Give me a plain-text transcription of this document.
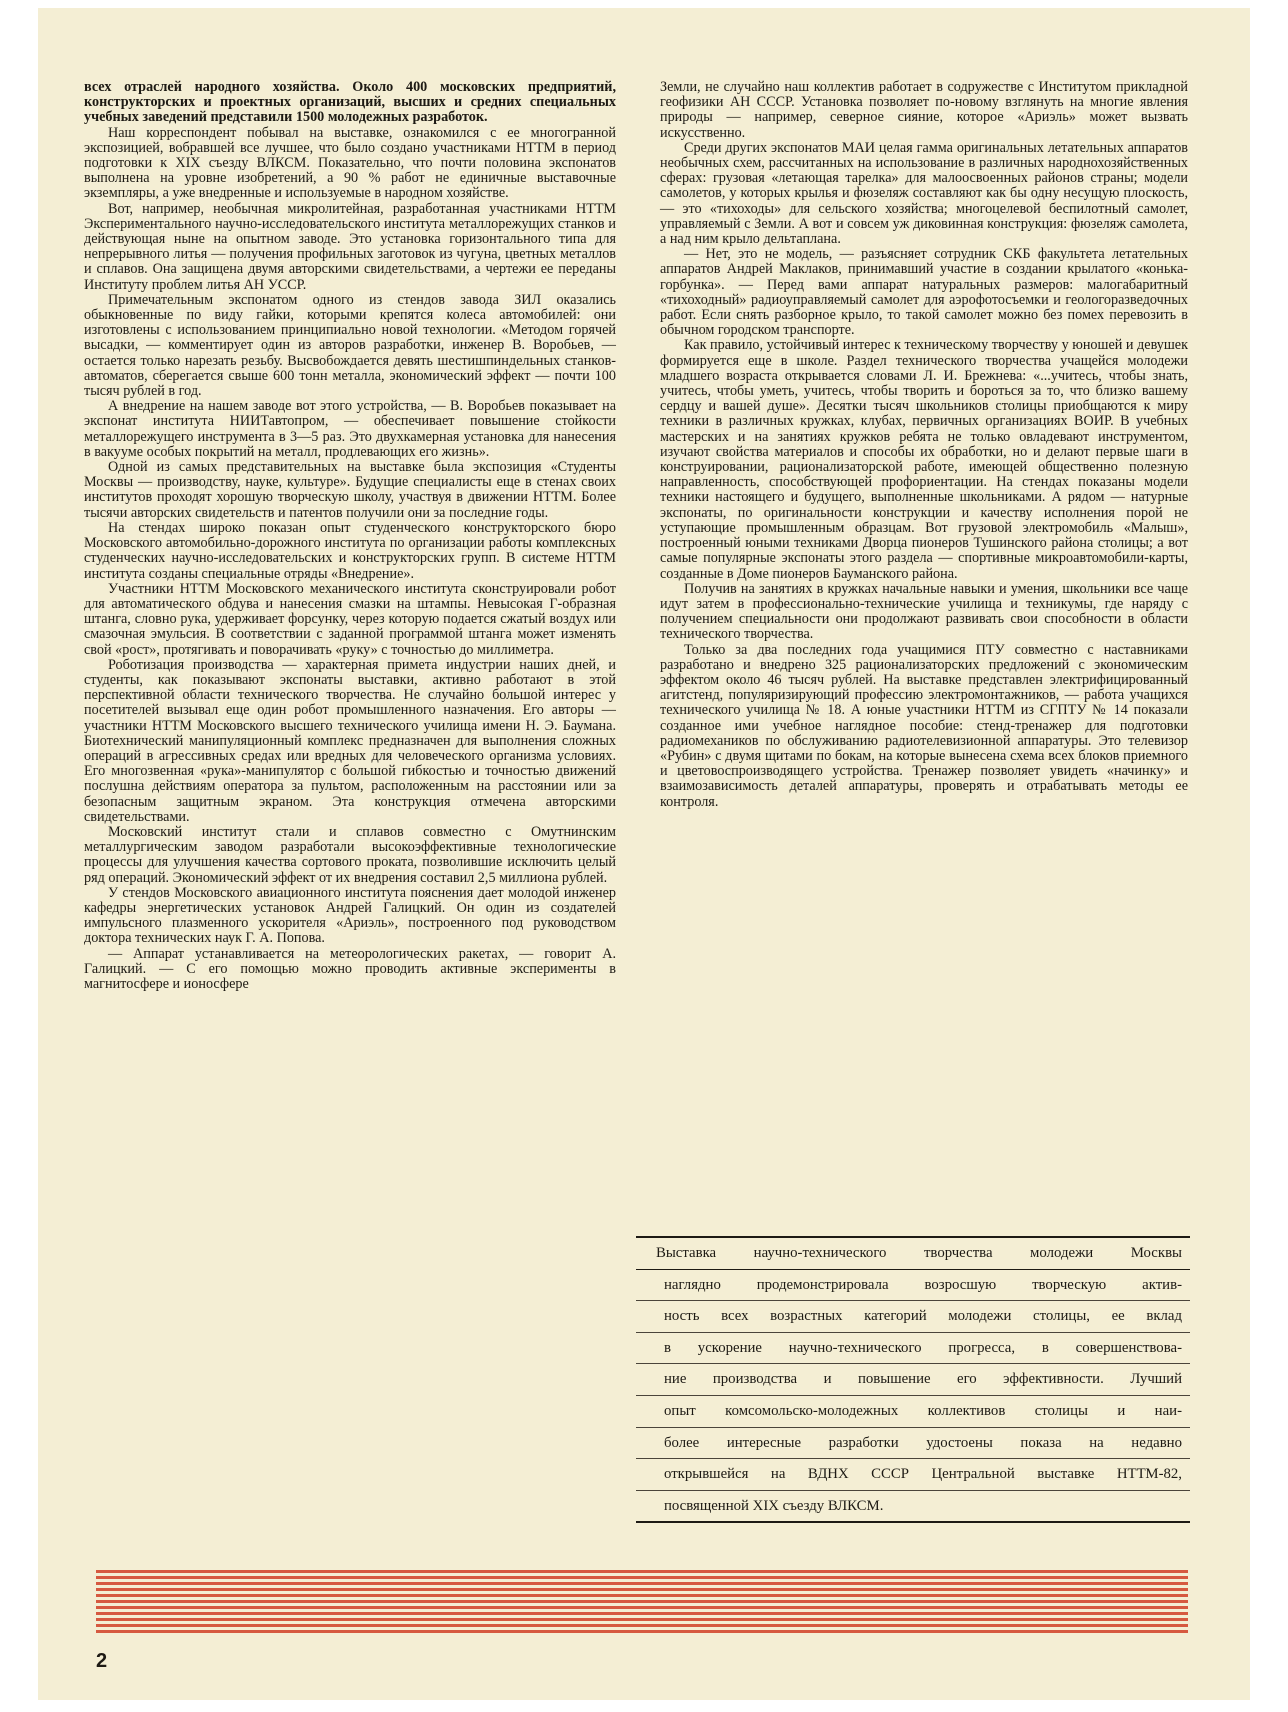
всех отраслей народного хозяйства. Около 400 московских предприятий, конструкторских и проектных организаций, высших и средних специальных учебных заведений представили 1500 молодежных разработок.

Наш корреспондент побывал на выставке, ознакомился с ее многогранной экспозицией, вобравшей все лучшее, что было создано участниками НТТМ в период подготовки к XIX съезду ВЛКСМ. Показательно, что почти половина экспонатов выполнена на уровне изобретений, а 90 % работ не единичные выставочные экземпляры, а уже внедренные и используемые в народном хозяйстве.

Вот, например, необычная микролитейная, разработанная участниками НТТМ Экспериментального научно-исследовательского института металлорежущих станков и действующая ныне на опытном заводе. Это установка горизонтального типа для непрерывного литья — получения профильных заготовок из чугуна, цветных металлов и сплавов. Она защищена двумя авторскими свидетельствами, а чертежи ее переданы Институту проблем литья АН УССР.

Примечательным экспонатом одного из стендов завода ЗИЛ оказались обыкновенные по виду гайки, которыми крепятся колеса автомобилей: они изготовлены с использованием принципиально новой технологии. «Методом горячей высадки, — комментирует один из авторов разработки, инженер В. Воробьев, — остается только нарезать резьбу. Высвобождается девять шестишпиндельных станков-автоматов, сберегается свыше 600 тонн металла, экономический эффект — почти 100 тысяч рублей в год.

А внедрение на нашем заводе вот этого устройства, — В. Воробьев показывает на экспонат института НИИТавтопром, — обеспечивает повышение стойкости металлорежущего инструмента в 3—5 раз. Это двухкамерная установка для нанесения в вакууме особых покрытий на металл, продлевающих его жизнь».

Одной из самых представительных на выставке была экспозиция «Студенты Москвы — производству, науке, культуре». Будущие специалисты еще в стенах своих институтов проходят хорошую творческую школу, участвуя в движении НТТМ. Более тысячи авторских свидетельств и патентов получили они за последние годы.

На стендах широко показан опыт студенческого конструкторского бюро Московского автомобильно-дорожного института по организации работы комплексных студенческих научно-исследовательских и конструкторских групп. В системе НТТМ института созданы специальные отряды «Внедрение».

Участники НТТМ Московского механического института сконструировали робот для автоматического обдува и нанесения смазки на штампы. Невысокая Г-образная штанга, словно рука, удерживает форсунку, через которую подается сжатый воздух или смазочная эмульсия. В соответствии с заданной программой штанга может изменять свой «рост», протягивать и поворачивать «руку» с точностью до миллиметра.

Роботизация производства — характерная примета индустрии наших дней, и студенты, как показывают экспонаты выставки, активно работают в этой перспективной области технического творчества. Не случайно большой интерес у посетителей вызывал еще один робот промышленного назначения. Его авторы — участники НТТМ Московского высшего технического училища имени Н. Э. Баумана. Биотехнический манипуляционный комплекс предназначен для выполнения сложных операций в агрессивных средах или вредных для человеческого организма условиях. Его многозвенная «рука»-манипулятор с большой гибкостью и точностью движений послушна действиям оператора за пультом, расположенным на расстоянии или за безопасным защитным экраном. Эта конструкция отмечена авторскими свидетельствами.

Московский институт стали и сплавов совместно с Омутнинским металлургическим заводом разработали высокоэффективные технологические процессы для улучшения качества сортового проката, позволившие исключить целый ряд операций. Экономический эффект от их внедрения составил 2,5 миллиона рублей.

У стендов Московского авиационного института пояснения дает молодой инженер кафедры энергетических установок Андрей Галицкий. Он один из создателей импульсного плазменного ускорителя «Ариэль», построенного под руководством доктора технических наук Г. А. Попова.

— Аппарат устанавливается на метеорологических ракетах, — говорит А. Галицкий. — С его помощью можно проводить активные эксперименты в магнитосфере и ионосфере

Земли, не случайно наш коллектив работает в содружестве с Институтом прикладной геофизики АН СССР. Установка позволяет по-новому взглянуть на многие явления природы — например, северное сияние, которое «Ариэль» может вызвать искусственно.

Среди других экспонатов МАИ целая гамма оригинальных летательных аппаратов необычных схем, рассчитанных на использование в различных народнохозяйственных сферах: грузовая «летающая тарелка» для малоосвоенных районов страны; модели самолетов, у которых крылья и фюзеляж составляют как бы одну несущую плоскость, — это «тихоходы» для сельского хозяйства; многоцелевой беспилотный самолет, управляемый с Земли. А вот и совсем уж диковинная конструкция: фюзеляж самолета, а над ним крыло дельтаплана.

— Нет, это не модель, — разъясняет сотрудник СКБ факультета летательных аппаратов Андрей Маклаков, принимавший участие в создании крылатого «конька-горбунка». — Перед вами аппарат натуральных размеров: малогабаритный «тихоходный» радиоуправляемый самолет для аэрофотосъемки и геологоразведочных работ. Если снять разборное крыло, то такой самолет можно без помех перевозить в обычном городском транспорте.

Как правило, устойчивый интерес к техническому творчеству у юношей и девушек формируется еще в школе. Раздел технического творчества учащейся молодежи младшего возраста открывается словами Л. И. Брежнева: «...учитесь, чтобы знать, учитесь, чтобы уметь, учитесь, чтобы творить и бороться за то, что близко вашему сердцу и вашей душе». Десятки тысяч школьников столицы приобщаются к миру техники в различных кружках, клубах, первичных организациях ВОИР. В учебных мастерских и на занятиях кружков ребята не только овладевают инструментом, изучают свойства материалов и способы их обработки, но и делают первые шаги в конструировании, рационализаторской работе, имеющей общественно полезную направленность, способствующей профориентации. На стендах показаны модели техники настоящего и будущего, выполненные школьниками. А рядом — натурные экспонаты, по оригинальности конструкции и качеству исполнения порой не уступающие промышленным образцам. Вот грузовой электромобиль «Малыш», построенный юными техниками Дворца пионеров Тушинского района столицы; а вот самые популярные экспонаты этого раздела — спортивные микроавтомобили-карты, созданные в Доме пионеров Бауманского района.

Получив на занятиях в кружках начальные навыки и умения, школьники все чаще идут затем в профессионально-технические училища и техникумы, где наряду с получением специальности они продолжают развивать свои способности в области технического творчества.

Только за два последних года учащимися ПТУ совместно с наставниками разработано и внедрено 325 рационализаторских предложений с экономическим эффектом около 46 тысяч рублей. На выставке представлен электрифицированный агитстенд, популяризирующий профессию электромонтажников, — работа учащихся технического училища № 18. А юные участники НТТМ из СГПТУ № 14 показали созданное ими учебное наглядное пособие: стенд-тренажер для подготовки радиомехаников по обслуживанию радиотелевизионной аппаратуры. Это телевизор «Рубин» с двумя щитами по бокам, на которые вынесена схема всех блоков приемного и цветовоспроизводящего устройства. Тренажер позволяет увидеть «начинку» и взаимозависимость деталей аппаратуры, проверять и отрабатывать методы ее контроля.

Выставка научно-технического творчества молодежи Москвы
наглядно продемонстрировала возросшую творческую актив-
ность всех возрастных категорий молодежи столицы, ее вклад
в ускорение научно-технического прогресса, в совершенствова-
ние производства и повышение его эффективности. Лучший
опыт комсомольско-молодежных коллективов столицы и наи-
более интересные разработки удостоены показа на недавно
открывшейся на ВДНХ СССР Центральной выставке НТТМ-82,
посвященной XIX съезду ВЛКСМ.
2
